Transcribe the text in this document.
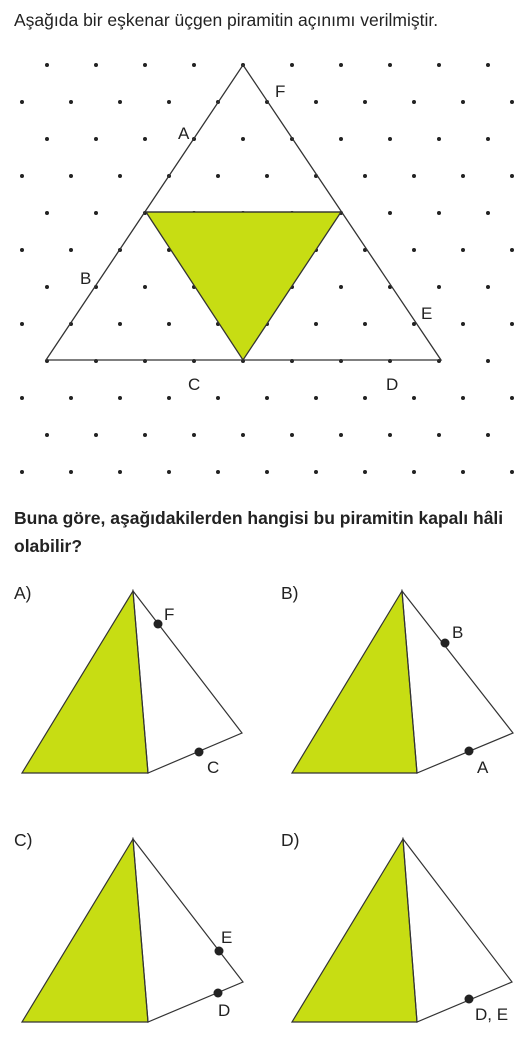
Aşağıda bir eşkenar üçgen piramitin açınımı verilmiştir.
A
F
B
E
C	D
F
C
B
A
E
D	D, E
Buna göre, aşağıdakilerden hangisi bu piramitin kapalı hâli olabilir?
A)	B)
C)	D)
